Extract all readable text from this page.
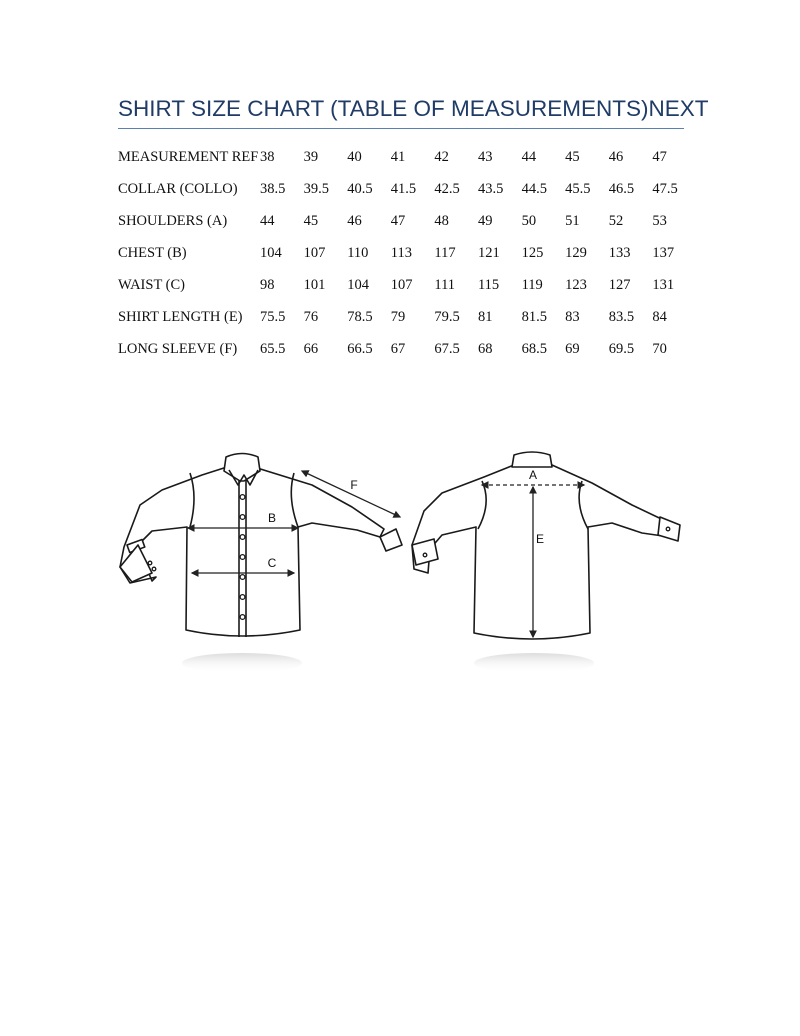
SHIRT SIZE CHART (TABLE OF MEASUREMENTS)NEXT
MEASUREMENT REF	38	39	40	41	42	43	44	45	46	47
COLLAR (COLLO)	38.5	39.5	40.5	41.5	42.5	43.5	44.5	45.5	46.5	47.5
SHOULDERS (A)	44	45	46	47	48	49	50	51	52	53
CHEST (B)	104	107	110	113	117	121	125	129	133	137
WAIST (C)	98	101	104	107	111	115	119	123	127	131
SHIRT LENGTH (E)	75.5	76	78.5	79	79.5	81	81.5	83	83.5	84
LONG SLEEVE (F)	65.5	66	66.5	67	67.5	68	68.5	69	69.5	70
B
C
F
A
E
